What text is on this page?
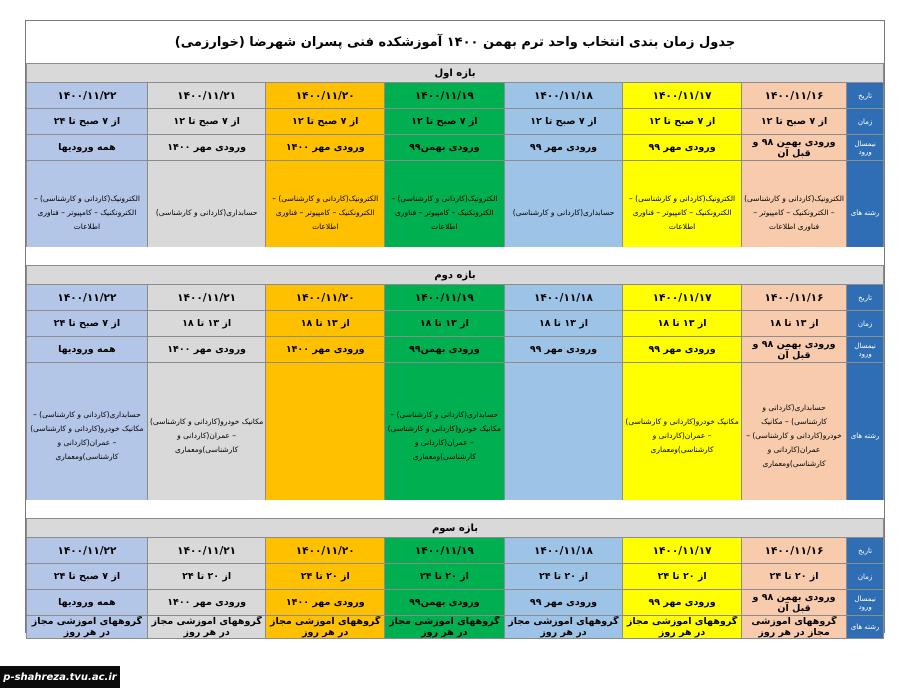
جدول زمان بندی انتخاب واحد ترم بهمن ۱۴۰۰ آموزشکده فنی پسران شهرضا (خوارزمی)
بازه اول							
تاریخ	۱۴۰۰/۱۱/۱۶	۱۴۰۰/۱۱/۱۷	۱۴۰۰/۱۱/۱۸	۱۴۰۰/۱۱/۱۹	۱۴۰۰/۱۱/۲۰	۱۴۰۰/۱۱/۲۱	۱۴۰۰/۱۱/۲۲
زمان	از ۷ صبح تا ۱۲	از ۷ صبح تا ۱۲	از ۷ صبح تا ۱۲	از ۷ صبح تا ۱۲	از ۷ صبح تا ۱۲	از ۷ صبح تا ۱۲	از ۷ صبح تا ۲۴
نیمسال ورود	ورودی بهمن ۹۸ و قبل آن	ورودی مهر ۹۹	ورودی مهر ۹۹	ورودی بهمن۹۹	ورودی مهر ۱۴۰۰	ورودی مهر ۱۴۰۰	همه ورودیها
رشته های	الکترونیک(کاردانی و کارشناسی) – الکترونکنیک – کامپیوتر – فناوری اطلاعات	الکترونیک(کاردانی و کارشناسی) – الکترونکنیک – کامپیوتر – فناوری اطلاعات	حسابداری(کاردانی و کارشناسی)	الکترونیک(کاردانی و کارشناسی) – الکترونکنیک – کامپیوتر – فناوری اطلاعات	الکترونیک(کاردانی و کارشناسی) – الکترونکنیک – کامپیوتر – فناوری اطلاعات	حسابداری(کاردانی و کارشناسی)	الکترونیک(کاردانی و کارشناسی) – الکترونکنیک – کامپیوتر – فناوری اطلاعات
بازه دوم							
تاریخ	۱۴۰۰/۱۱/۱۶	۱۴۰۰/۱۱/۱۷	۱۴۰۰/۱۱/۱۸	۱۴۰۰/۱۱/۱۹	۱۴۰۰/۱۱/۲۰	۱۴۰۰/۱۱/۲۱	۱۴۰۰/۱۱/۲۲
زمان	از ۱۳ تا ۱۸	از ۱۳ تا ۱۸	از ۱۳ تا ۱۸	از ۱۳ تا ۱۸	از ۱۳ تا ۱۸	از ۱۳ تا ۱۸	از ۷ صبح تا ۲۴
نیمسال ورود	ورودی بهمن ۹۸ و قبل آن	ورودی مهر ۹۹	ورودی مهر ۹۹	ورودی بهمن۹۹	ورودی مهر ۱۴۰۰	ورودی مهر ۱۴۰۰	همه ورودیها
رشته های	حسابداری(کاردانی و کارشناسی) – مکانیک خودرو(کاردانی و کارشناسی) – عمران(کاردانی و کارشناسی)ومعماری	مکانیک خودرو(کاردانی و کارشناسی) – عمران(کاردانی و کارشناسی)ومعماری		حسابداری(کاردانی و کارشناسی) – مکانیک خودرو(کاردانی و کارشناسی) – عمران(کاردانی و کارشناسی)ومعماری		مکانیک خودرو(کاردانی و کارشناسی) – عمران(کاردانی و کارشناسی)ومعماری	حسابداری(کاردانی و کارشناسی) – مکانیک خودرو(کاردانی و کارشناسی) – عمران(کاردانی و کارشناسی)ومعماری
بازه سوم							
تاریخ	۱۴۰۰/۱۱/۱۶	۱۴۰۰/۱۱/۱۷	۱۴۰۰/۱۱/۱۸	۱۴۰۰/۱۱/۱۹	۱۴۰۰/۱۱/۲۰	۱۴۰۰/۱۱/۲۱	۱۴۰۰/۱۱/۲۲
زمان	از ۲۰ تا ۲۴	از ۲۰ تا ۲۴	از ۲۰ تا ۲۴	از ۲۰ تا ۲۴	از ۲۰ تا ۲۴	از ۲۰ تا ۲۴	از ۷ صبح تا ۲۴
نیمسال ورود	ورودی بهمن ۹۸ و قبل آن	ورودی مهر ۹۹	ورودی مهر ۹۹	ورودی بهمن۹۹	ورودی مهر ۱۴۰۰	ورودی مهر ۱۴۰۰	همه ورودیها
رشته های	گروههای آموزشی مجاز در هر روز	گروههای آموزشی مجاز در هر روز	گروههای آموزشی مجاز در هر روز	گروههای آموزشی مجاز در هر روز	گروههای آموزشی مجاز در هر روز	گروههای آموزشی مجاز در هر روز	گروههای آموزشی مجاز در هر روز
p-shahreza.tvu.ac.ir
